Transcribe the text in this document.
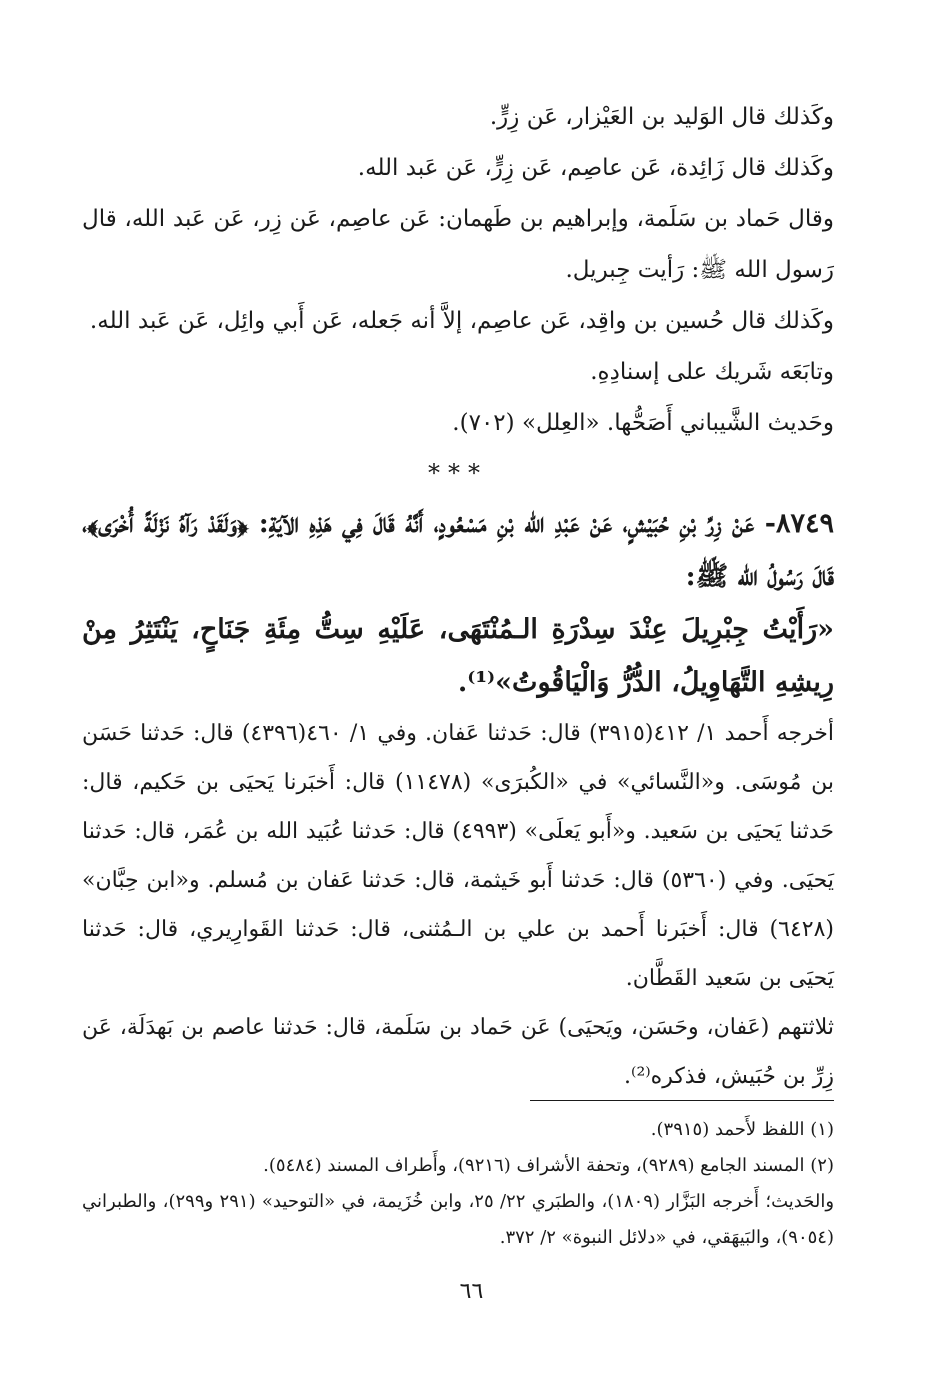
وكَذلك قال الوَليد بن العَيْزار، عَن زِرٍّ.

وكَذلك قال زَائِدة، عَن عاصِم، عَن زِرٍّ، عَن عَبد الله.

وقال حَماد بن سَلَمة، وإبراهيم بن طَهمان: عَن عاصِم، عَن زِر، عَن عَبد الله، قال رَسول الله ﷺ: رَأيت جِبريل.

وكَذلك قال حُسين بن واقِد، عَن عاصِم، إلاَّ أنه جَعله، عَن أَبي وائِل، عَن عَبد الله.

وتابَعَه شَريك على إسنادِهِ.

وحَديث الشَّيباني أَصَحُّها. «العِلل» (٧٠٢).

***

٨٧٤٩- عَنْ زِرِّ بْنِ حُبَيْشٍ، عَنْ عَبْدِ الله بْنِ مَسْعُودٍ، أَنَّهُ قَالَ فِي هَذِهِ الآيَةِ: ﴿وَلَقَدْ رَآهُ نَزْلَةً أُخْرَى﴾، قَالَ رَسُولُ الله ﷺ:

«رَأَيْتُ جِبْرِيلَ عِنْدَ سِدْرَةِ الـمُنْتَهَى، عَلَيْهِ سِتُّ مِئَةِ جَنَاحٍ، يَنْتَثِرُ مِنْ رِيشِهِ التَّهَاوِيلُ، الدُّرُّ وَالْيَاقُوتُ»⁽¹⁾.

أخرجه أَحمد ١/ ٤١٢(٣٩١٥) قال: حَدثنا عَفان. وفي ١/ ٤٦٠(٤٣٩٦) قال: حَدثنا حَسَن بن مُوسَى. و«النَّسائي» في «الكُبرَى» (١١٤٧٨) قال: أَخبَرنا يَحيَى بن حَكيم، قال: حَدثنا يَحيَى بن سَعيد. و«أَبو يَعلَى» (٤٩٩٣) قال: حَدثنا عُبَيد الله بن عُمَر، قال: حَدثنا يَحيَى. وفي (٥٣٦٠) قال: حَدثنا أَبو خَيثمة، قال: حَدثنا عَفان بن مُسلم. و«ابن حِبَّان» (٦٤٢٨) قال: أَخبَرنا أَحمد بن علي بن الـمُثنى، قال: حَدثنا القَوارِيري، قال: حَدثنا يَحيَى بن سَعيد القَطَّان.

ثلاثتهم (عَفان، وحَسَن، ويَحيَى) عَن حَماد بن سَلَمة، قال: حَدثنا عاصم بن بَهدَلَة، عَن زِرِّ بن حُبَيش، فذكره⁽²⁾.

(١) اللفظ لأَحمد (٣٩١٥).

(٢) المسند الجامع (٩٢٨٩)، وتحفة الأشراف (٩٢١٦)، وأَطراف المسند (٥٤٨٤).

والحَديث؛ أَخرجه البَزَّار (١٨٠٩)، والطبَري ٢٢/ ٢٥، وابن خُزَيمة، في «التوحيد» (٢٩١ و٢٩٩)، والطبراني (٩٠٥٤)، والبَيهَقي، في «دلائل النبوة» ٢/ ٣٧٢.

٦٦
